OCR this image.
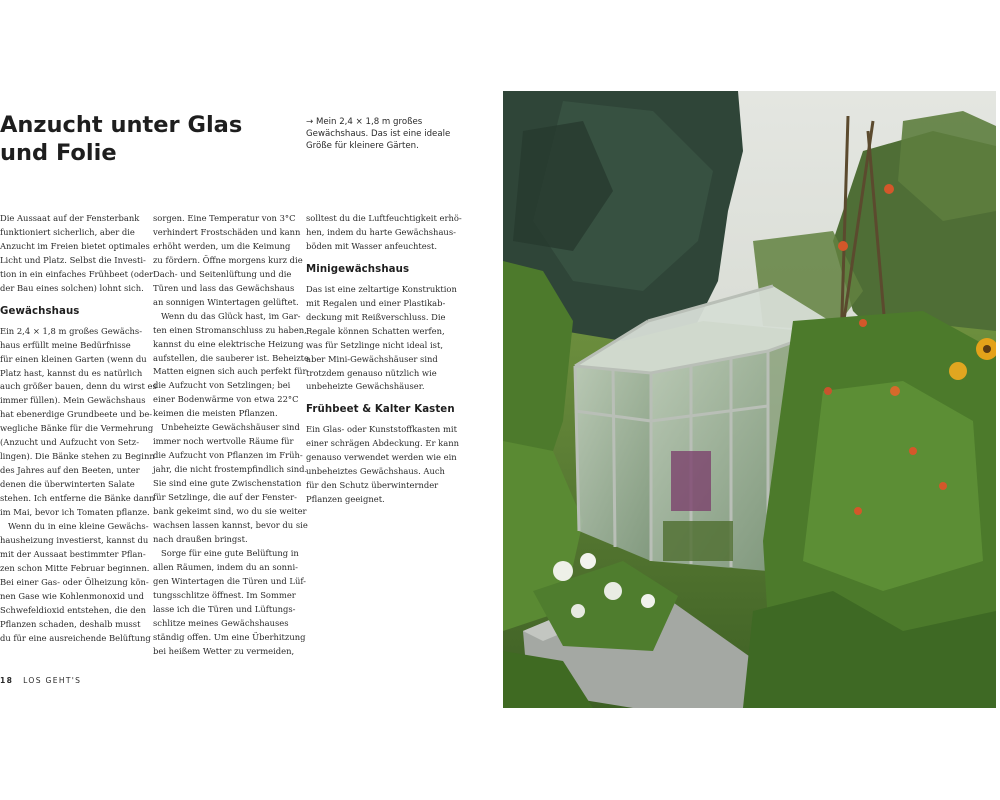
Anzucht unter Glas
und Folie
→ Mein 2,4 × 1,8 m großes
Gewächshaus. Das ist eine ideale
Größe für kleinere Gärten.
Die Aussaat auf der Fensterbank
funktioniert sicherlich, aber die
Anzucht im Freien bietet optimales
Licht und Platz. Selbst die Investi-
tion in ein einfaches Frühbeet (oder
der Bau eines solchen) lohnt sich.
Gewächshaus
Ein 2,4 × 1,8 m großes Gewächs-
haus erfüllt meine Bedürfnisse
für einen kleinen Garten (wenn du
Platz hast, kannst du es natürlich
auch größer bauen, denn du wirst es
immer füllen). Mein Gewächshaus
hat ebenerdige Grundbeete und be-
wegliche Bänke für die Vermehrung
(Anzucht und Aufzucht von Setz-
lingen). Die Bänke stehen zu Beginn
des Jahres auf den Beeten, unter
denen die überwinterten Salate
stehen. Ich entferne die Bänke dann
im Mai, bevor ich Tomaten pflanze.
Wenn du in eine kleine Gewächs-
hausheizung investierst, kannst du
mit der Aussaat bestimmter Pflan-
zen schon Mitte Februar beginnen.
Bei einer Gas- oder Ölheizung kön-
nen Gase wie Kohlenmonoxid und
Schwefeldioxid entstehen, die den
Pflanzen schaden, deshalb musst
du für eine ausreichende Belüftung
sorgen. Eine Temperatur von 3°C
verhindert Frostschäden und kann
erhöht werden, um die Keimung
zu fördern. Öffne morgens kurz die
Dach- und Seitenlüftung und die
Türen und lass das Gewächshaus
an sonnigen Wintertagen gelüftet.
Wenn du das Glück hast, im Gar-
ten einen Stromanschluss zu haben,
kannst du eine elektrische Heizung
aufstellen, die sauberer ist. Beheizte
Matten eignen sich auch perfekt für
die Aufzucht von Setzlingen; bei
einer Bodenwärme von etwa 22°C
keimen die meisten Pflanzen.
Unbeheizte Gewächshäuser sind
immer noch wertvolle Räume für
die Aufzucht von Pflanzen im Früh-
jahr, die nicht frostempfindlich sind.
Sie sind eine gute Zwischenstation
für Setzlinge, die auf der Fenster-
bank gekeimt sind, wo du sie weiter
wachsen lassen kannst, bevor du sie
nach draußen bringst.
Sorge für eine gute Belüftung in
allen Räumen, indem du an sonni-
gen Wintertagen die Türen und Lüf-
tungsschlitze öffnest. Im Sommer
lasse ich die Türen und Lüftungs-
schlitze meines Gewächshauses
ständig offen. Um eine Überhitzung
bei heißem Wetter zu vermeiden,
solltest du die Luftfeuchtigkeit erhö-
hen, indem du harte Gewächshaus-
böden mit Wasser anfeuchtest.
Minigewächshaus
Das ist eine zeltartige Konstruktion
mit Regalen und einer Plastikab-
deckung mit Reißverschluss. Die
Regale können Schatten werfen,
was für Setzlinge nicht ideal ist,
aber Mini-Gewächshäuser sind
trotzdem genauso nützlich wie
unbeheizte Gewächshäuser.
Frühbeet & Kalter Kasten
Ein Glas- oder Kunststoffkasten mit
einer schrägen Abdeckung. Er kann
genauso verwendet werden wie ein
unbeheiztes Gewächshaus. Auch
für den Schutz überwinternder
Pflanzen geeignet.
18 LOS GEHT'S
